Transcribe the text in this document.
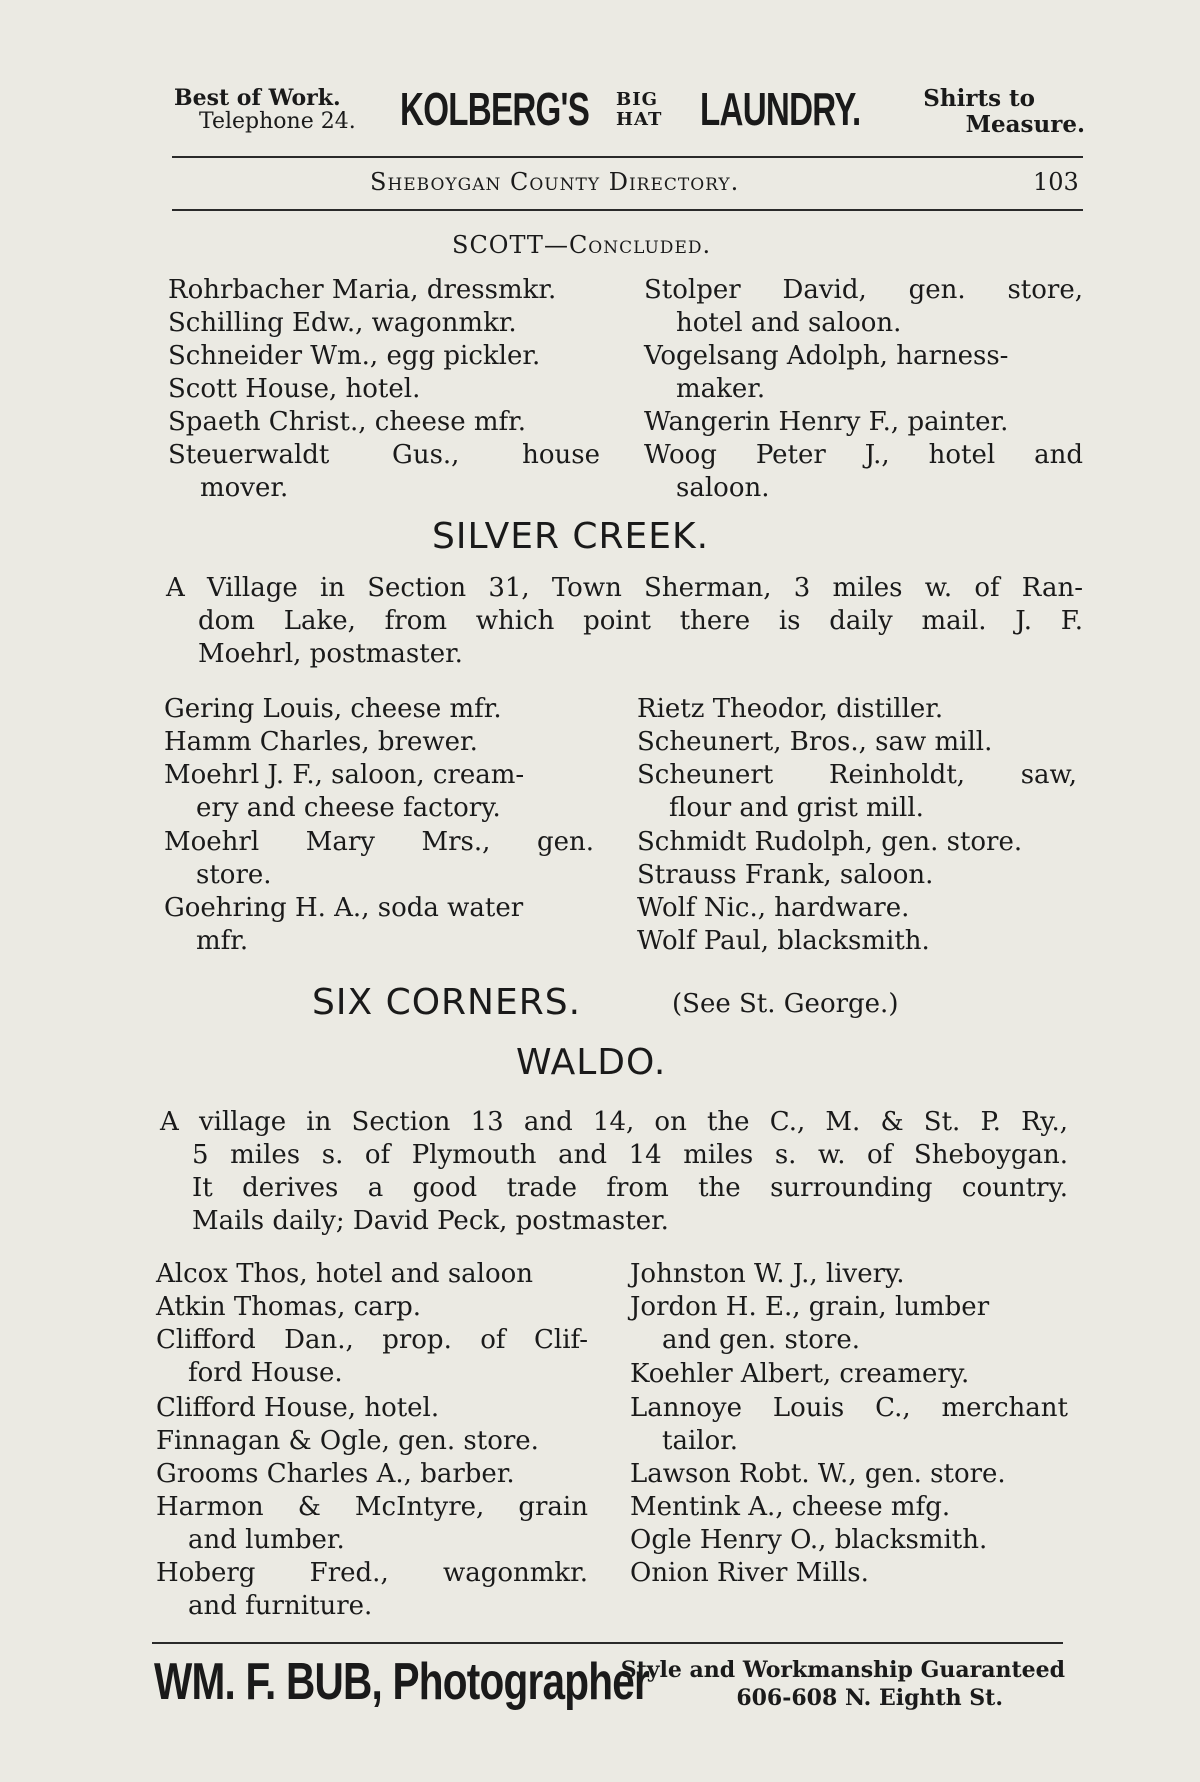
Best of Work.
Telephone 24. KOLBERG'S BIG
HAT LAUNDRY.	Shirts to
Measure.
Sheboygan County Directory.	103
SCOTT—Concluded.
Rohrbacher Maria, dressmkr.
Schilling Edw., wagonmkr.
Schneider Wm., egg pickler.
Scott House, hotel.
Spaeth Christ., cheese mfr.
Steuerwaldt Gus., house
mover.
Stolper David, gen. store,
hotel and saloon.
Vogelsang Adolph, harness-
maker.
Wangerin Henry F., painter.
Woog Peter J., hotel and
saloon.
SILVER CREEK.
A Village in Section 31, Town Sherman, 3 miles w. of Ran-
dom Lake, from which point there is daily mail. J. F.
Moehrl, postmaster.
Gering Louis, cheese mfr.
Hamm Charles, brewer.
Moehrl J. F., saloon, cream-
ery and cheese factory.
Moehrl Mary Mrs., gen.
store.
Goehring H. A., soda water
mfr.
Rietz Theodor, distiller.
Scheunert, Bros., saw mill.
Scheunert Reinholdt, saw,
flour and grist mill.
Schmidt Rudolph, gen. store.
Strauss Frank, saloon.
Wolf Nic., hardware.
Wolf Paul, blacksmith.
SIX CORNERS.	(See St. George.)
WALDO.
A village in Section 13 and 14, on the C., M. & St. P. Ry.,
5 miles s. of Plymouth and 14 miles s. w. of Sheboygan.
It derives a good trade from the surrounding country.
Mails daily; David Peck, postmaster.
Alcox Thos, hotel and saloon
Atkin Thomas, carp.
Clifford Dan., prop. of Clif-
ford House.
Clifford House, hotel.
Finnagan & Ogle, gen. store.
Grooms Charles A., barber.
Harmon & McIntyre, grain
and lumber.
Hoberg Fred., wagonmkr.
and furniture.
Johnston W. J., livery.
Jordon H. E., grain, lumber
and gen. store.
Koehler Albert, creamery.
Lannoye Louis C., merchant
tailor.
Lawson Robt. W., gen. store.
Mentink A., cheese mfg.
Ogle Henry O., blacksmith.
Onion River Mills.
WM. F. BUB, Photographer
Style and Workmanship Guaranteed
606-608 N. Eighth St.
